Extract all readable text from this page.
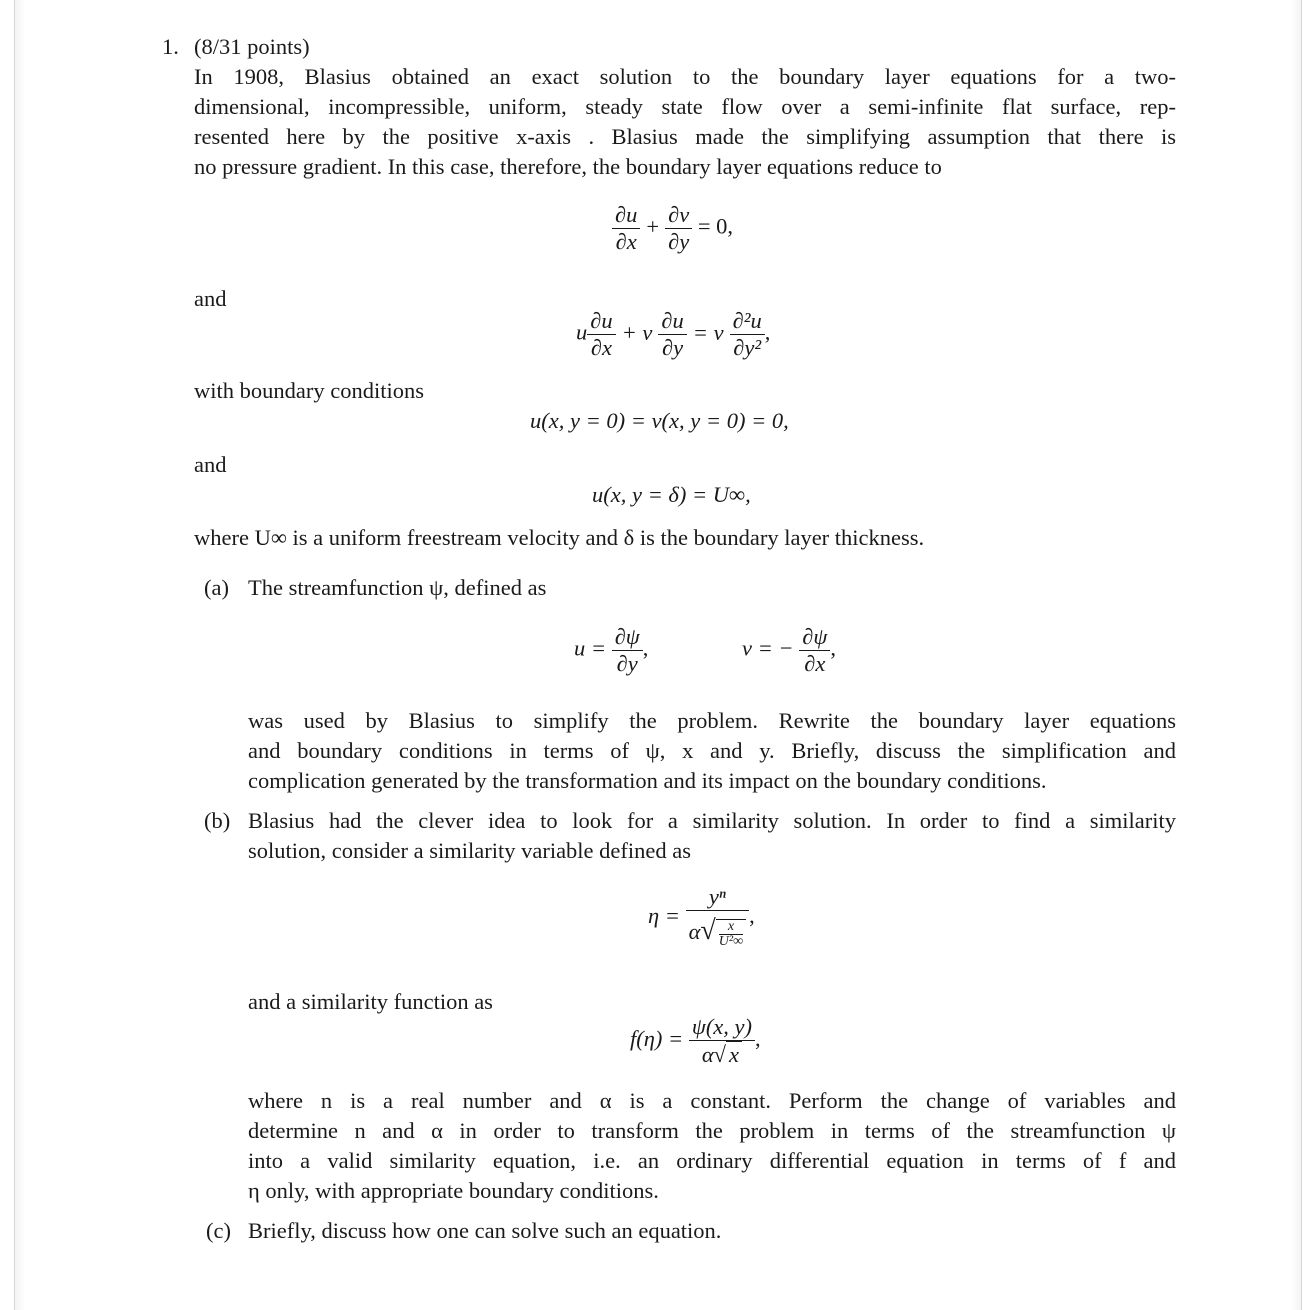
1. (8/31 points)
In 1908, Blasius obtained an exact solution to the boundary layer equations for a two-
dimensional, incompressible, uniform, steady state flow over a semi-infinite flat surface, rep-
resented here by the positive x-axis . Blasius made the simplifying assumption that there is
no pressure gradient. In this case, therefore, the boundary layer equations reduce to
$\frac{\partial u}{\partial x} + \frac{\partial v}{\partial y} = 0$,
and
u $\frac{\partial u}{\partial x} + v \frac{\partial u}{\partial y} = \nu \frac{\text{∂²u}}{\text{∂y²}}$ ,
with boundary conditions
u(x, y = 0) = v(x, y = 0) = 0,
and
u(x, y = δ) = U∞,
where U∞ is a uniform freestream velocity and δ is the boundary layer thickness.
(a) The streamfunction ψ, defined as
$u = \frac{\partial\psi}{\partial y}$ ,	v = − $\frac{\partial\psi}{\partial x}$ ,
was used by Blasius to simplify the problem. Rewrite the boundary layer equations
and boundary conditions in terms of ψ, x and y. Briefly, discuss the simplification and
complication generated by the transformation and its impact on the boundary conditions.
(b) Blasius had the clever idea to look for a similarity solution. In order to find a similarity
solution, consider a similarity variable defined as
$\eta = \frac{\text{yⁿ}}{\alpha√ \frac{x}{\text{U²∞}}}$ ,
and a similarity function as
$f(\eta) = \frac{\psi(x, y)}{\alpha√ x}$ ,
where n is a real number and α is a constant. Perform the change of variables and
determine n and α in order to transform the problem in terms of the streamfunction ψ
into a valid similarity equation, i.e. an ordinary differential equation in terms of f and
η only, with appropriate boundary conditions.
(c) Briefly, discuss how one can solve such an equation.
